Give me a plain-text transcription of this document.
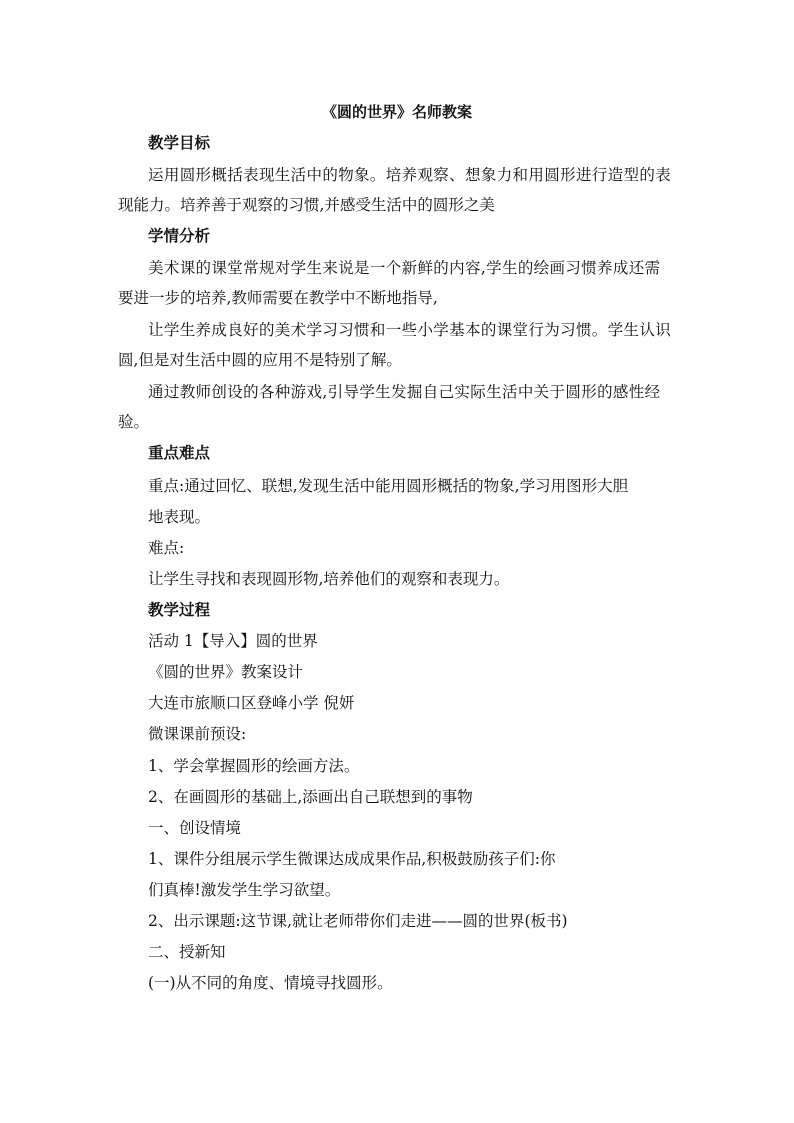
《圆的世界》名师教案
教学目标
运用圆形概括表现生活中的物象。培养观察、想象力和用圆形进行造型的表
现能力。培养善于观察的习惯,并感受生活中的圆形之美
学情分析
美术课的课堂常规对学生来说是一个新鲜的内容,学生的绘画习惯养成还需
要进一步的培养,教师需要在教学中不断地指导,
让学生养成良好的美术学习习惯和一些小学基本的课堂行为习惯。学生认识
圆,但是对生活中圆的应用不是特别了解。
通过教师创设的各种游戏,引导学生发掘自己实际生活中关于圆形的感性经
验。
重点难点
重点:通过回忆、联想,发现生活中能用圆形概括的物象,学习用图形大胆
地表现。
难点:
让学生寻找和表现圆形物,培养他们的观察和表现力。
教学过程
活动 1【导入】圆的世界
《圆的世界》教案设计
大连市旅顺口区登峰小学 倪妍
微课课前预设:
1、学会掌握圆形的绘画方法。
2、在画圆形的基础上,添画出自己联想到的事物
一、创设情境
1、课件分组展示学生微课达成成果作品,积极鼓励孩子们:你
们真棒!激发学生学习欲望。
2、出示课题:这节课,就让老师带你们走进——圆的世界(板书)
二、授新知
(一)从不同的角度、情境寻找圆形。
